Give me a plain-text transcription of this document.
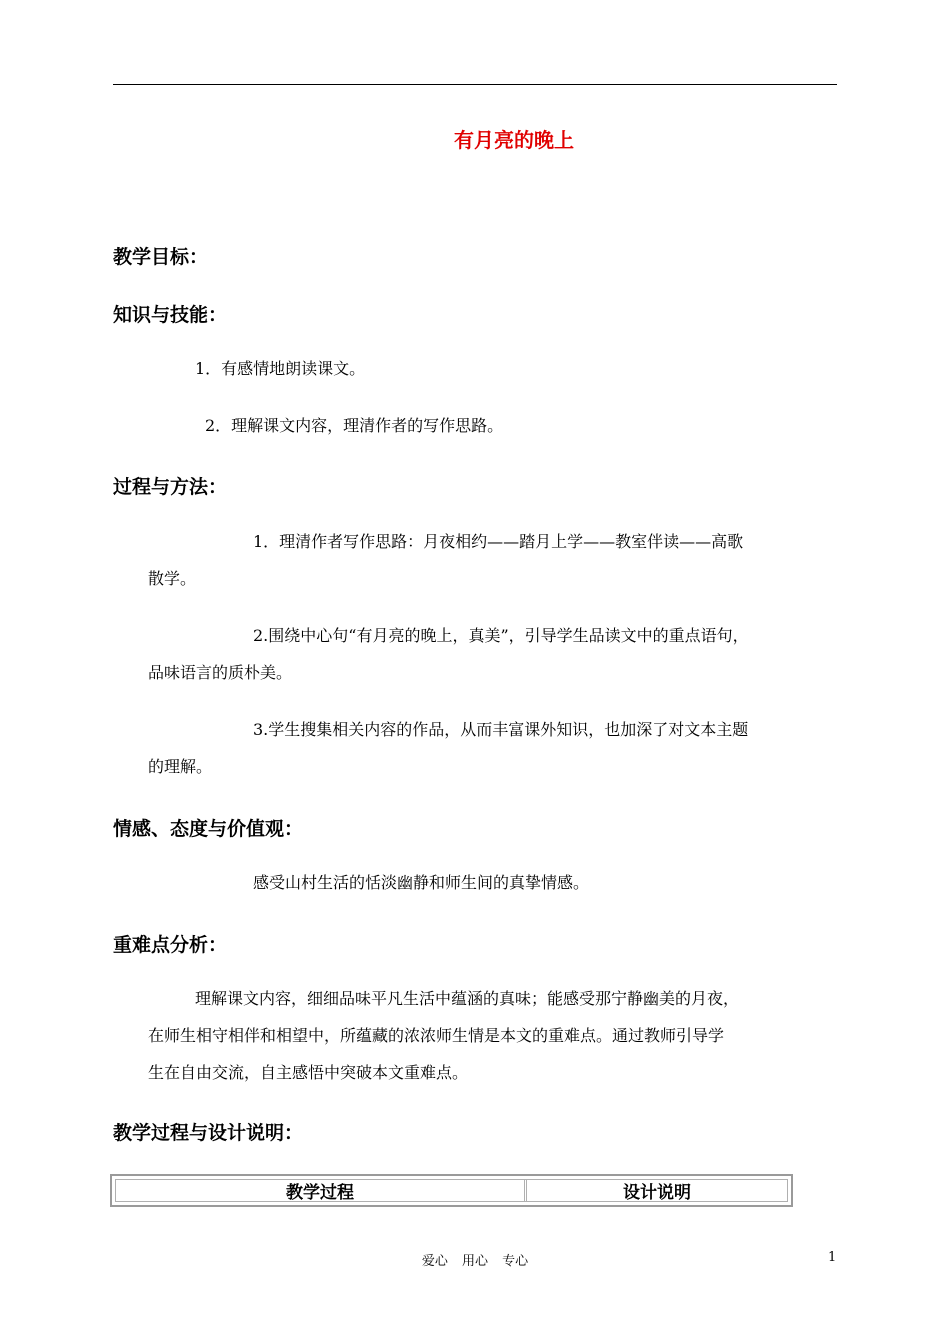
有月亮的晚上
教学目标：
知识与技能：
1．有感情地朗读课文。
2．理解课文内容，理清作者的写作思路。
过程与方法：
1．理清作者写作思路：月夜相约——踏月上学——教室伴读——高歌
散学。
2.围绕中心句“有月亮的晚上，真美”，引导学生品读文中的重点语句，
品味语言的质朴美。
3.学生搜集相关内容的作品，从而丰富课外知识，也加深了对文本主题
的理解。
情感、态度与价值观：
感受山村生活的恬淡幽静和师生间的真挚情感。
重难点分析：
理解课文内容，细细品味平凡生活中蕴涵的真味；能感受那宁静幽美的月夜，
在师生相守相伴和相望中，所蕴藏的浓浓师生情是本文的重难点。通过教师引导学
生在自由交流，自主感悟中突破本文重难点。
教学过程与设计说明：
教学过程	设计说明
爱心 用心 专心	1
